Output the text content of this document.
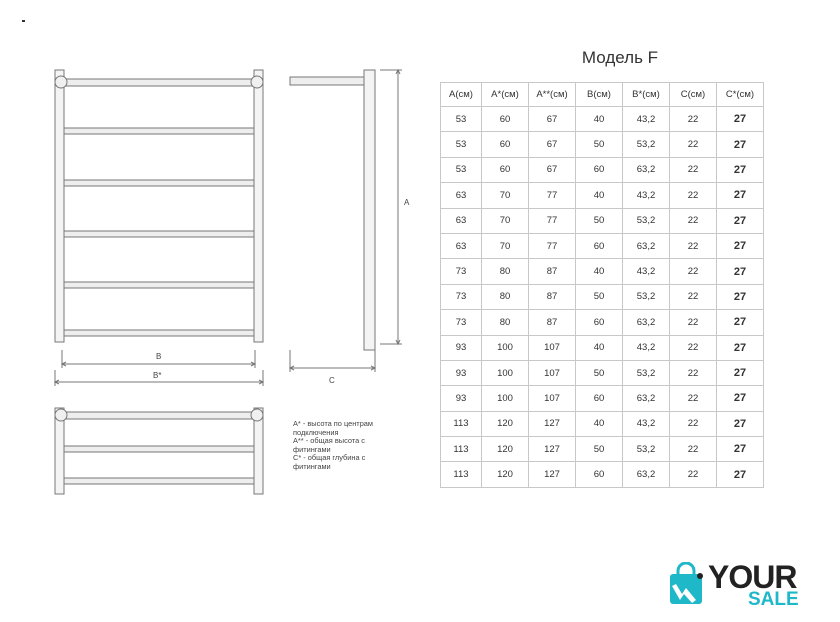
B
B*
A
C

A* - высота по центрам подключения

A** - общая высота с фитингами

C* - общая глубина с фитингами

Модель F
A(см)	A*(см)	A**(см)	B(см)	B*(см)	C(см)	C*(см)
53	60	67	40	43,2	22	27
53	60	67	50	53,2	22	27
53	60	67	60	63,2	22	27
63	70	77	40	43,2	22	27
63	70	77	50	53,2	22	27
63	70	77	60	63,2	22	27
73	80	87	40	43,2	22	27
73	80	87	50	53,2	22	27
73	80	87	60	63,2	22	27
93	100	107	40	43,2	22	27
93	100	107	50	53,2	22	27
93	100	107	60	63,2	22	27
113	120	127	40	43,2	22	27
113	120	127	50	53,2	22	27
113	120	127	60	63,2	22	27
YOUR
SALE
